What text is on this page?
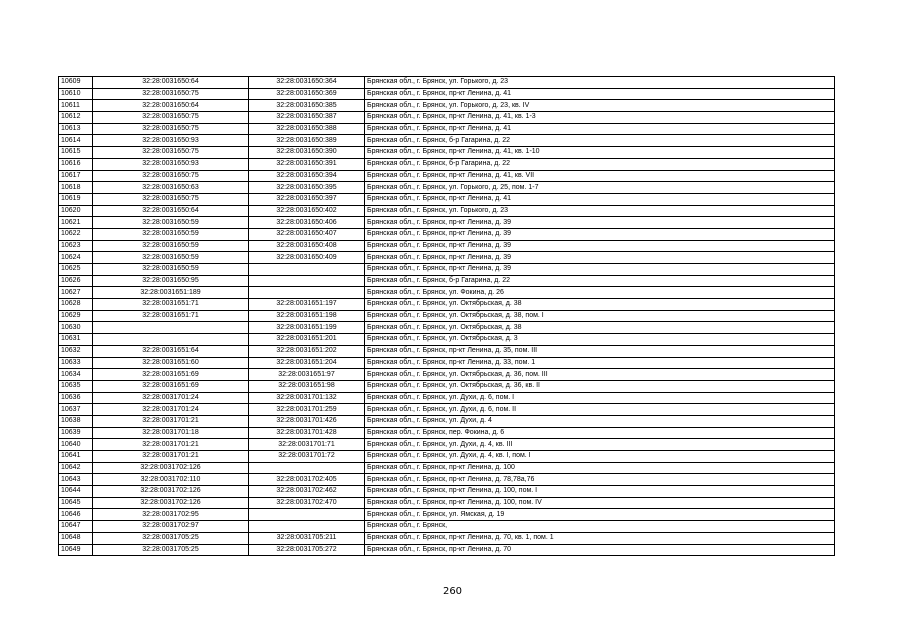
10609	32:28:0031650:64	32:28:0031650:364	Брянская обл., г. Брянск, ул. Горького, д. 23
10610	32:28:0031650:75	32:28:0031650:369	Брянская обл., г. Брянск, пр-кт Ленина, д. 41
10611	32:28:0031650:64	32:28:0031650:385	Брянская обл., г. Брянск, ул. Горького, д. 23, кв. IV
10612	32:28:0031650:75	32:28:0031650:387	Брянская обл., г. Брянск, пр-кт Ленина, д. 41, кв. 1-3
10613	32:28:0031650:75	32:28:0031650:388	Брянская обл., г. Брянск, пр-кт Ленина, д. 41
10614	32:28:0031650:93	32:28:0031650:389	Брянская обл., г. Брянск, б-р Гагарина, д. 22
10615	32:28:0031650:75	32:28:0031650:390	Брянская обл., г. Брянск, пр-кт Ленина, д. 41, кв. 1-10
10616	32:28:0031650:93	32:28:0031650:391	Брянская обл., г. Брянск, б-р Гагарина, д. 22
10617	32:28:0031650:75	32:28:0031650:394	Брянская обл., г. Брянск, пр-кт Ленина, д. 41, кв. VII
10618	32:28:0031650:63	32:28:0031650:395	Брянская обл., г. Брянск, ул. Горького, д. 25, пом. 1-7
10619	32:28:0031650:75	32:28:0031650:397	Брянская обл., г. Брянск, пр-кт Ленина, д. 41
10620	32:28:0031650:64	32:28:0031650:402	Брянская обл., г. Брянск, ул. Горького, д. 23
10621	32:28:0031650:59	32:28:0031650:406	Брянская обл., г. Брянск, пр-кт Ленина, д. 39
10622	32:28:0031650:59	32:28:0031650:407	Брянская обл., г. Брянск, пр-кт Ленина, д. 39
10623	32:28:0031650:59	32:28:0031650:408	Брянская обл., г. Брянск, пр-кт Ленина, д. 39
10624	32:28:0031650:59	32:28:0031650:409	Брянская обл., г. Брянск, пр-кт Ленина, д. 39
10625	32:28:0031650:59		Брянская обл., г. Брянск, пр-кт Ленина, д. 39
10626	32:28:0031650:95		Брянская обл., г. Брянск, б-р Гагарина, д. 22
10627	32:28:0031651:189		Брянская обл., г. Брянск, ул. Фокина, д. 26
10628	32:28:0031651:71	32:28:0031651:197	Брянская обл., г. Брянск, ул. Октябрьская, д. 38
10629	32:28:0031651:71	32:28:0031651:198	Брянская обл., г. Брянск, ул. Октябрьская, д. 38, пом. I
10630		32:28:0031651:199	Брянская обл., г. Брянск, ул. Октябрьская, д. 38
10631		32:28:0031651:201	Брянская обл., г. Брянск, ул. Октябрьская, д. 3
10632	32:28:0031651:64	32:28:0031651:202	Брянская обл., г. Брянск, пр-кт Ленина, д. 35, пом. III
10633	32:28:0031651:60	32:28:0031651:204	Брянская обл., г. Брянск, пр-кт Ленина, д. 33, пом. 1
10634	32:28:0031651:69	32:28:0031651:97	Брянская обл., г. Брянск, ул. Октябрьская, д. 36, пом. III
10635	32:28:0031651:69	32:28:0031651:98	Брянская обл., г. Брянск, ул. Октябрьская, д. 36, кв. II
10636	32:28:0031701:24	32:28:0031701:132	Брянская обл., г. Брянск, ул. Духи, д. 6, пом. I
10637	32:28:0031701:24	32:28:0031701:259	Брянская обл., г. Брянск, ул. Духи, д. 6, пом. II
10638	32:28:0031701:21	32:28:0031701:426	Брянская обл., г. Брянск, ул. Духи, д. 4
10639	32:28:0031701:18	32:28:0031701:428	Брянская обл., г. Брянск, пер. Фокина, д. 6
10640	32:28:0031701:21	32:28:0031701:71	Брянская обл., г. Брянск, ул. Духи, д. 4, кв. III
10641	32:28:0031701:21	32:28:0031701:72	Брянская обл., г. Брянск, ул. Духи, д. 4, кв. I, пом. I
10642	32:28:0031702:126		Брянская обл., г. Брянск, пр-кт Ленина, д. 100
10643	32:28:0031702:110	32:28:0031702:405	Брянская обл., г. Брянск, пр-кт Ленина, д. 78,78а,76
10644	32:28:0031702:126	32:28:0031702:462	Брянская обл., г. Брянск, пр-кт Ленина, д. 100, пом. I
10645	32:28:0031702:126	32:28:0031702:470	Брянская обл., г. Брянск, пр-кт Ленина, д. 100, пом. IV
10646	32:28:0031702:95		Брянская обл., г. Брянск, ул. Ямская, д. 19
10647	32:28:0031702:97		Брянская обл., г. Брянск,
10648	32:28:0031705:25	32:28:0031705:211	Брянская обл., г. Брянск, пр-кт Ленина, д. 70, кв. 1, пом. 1
10649	32:28:0031705:25	32:28:0031705:272	Брянская обл., г. Брянск, пр-кт Ленина, д. 70
260
